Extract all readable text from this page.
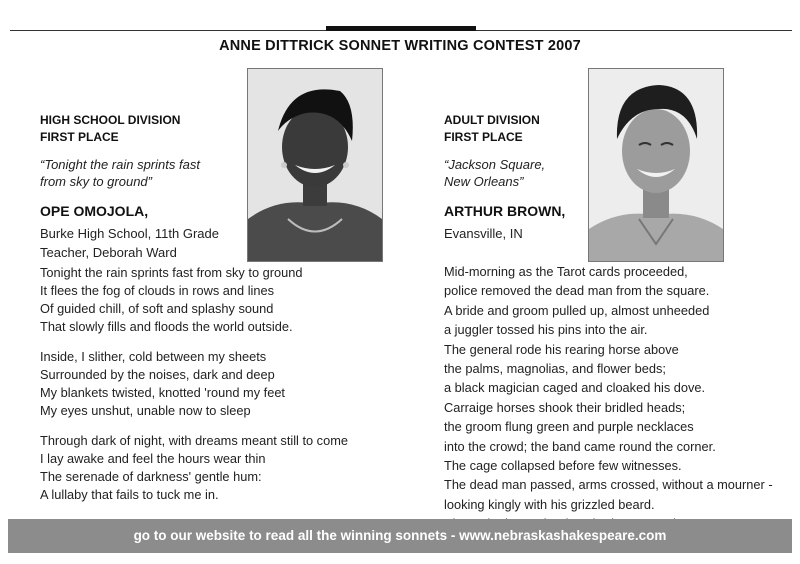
ANNE DITTRICK SONNET WRITING CONTEST 2007
HIGH SCHOOL DIVISION
FIRST PLACE
“Tonight the rain sprints fast
from sky to ground”
OPE OMOJOLA,
Burke High School, 11th Grade
Teacher, Deborah Ward
Tonight the rain sprints fast from sky to ground
It flees the fog of clouds in rows and lines
Of guided chill, of soft and splashy sound
That slowly fills and floods the world outside.
Inside, I slither, cold between my sheets
Surrounded by the noises, dark and deep
My blankets twisted, knotted 'round my feet
My eyes unshut, unable now to sleep
Through dark of night, with dreams meant still to come
I lay awake and feel the hours wear thin
The serenade of darkness' gentle hum:
A lullaby that fails to tuck me in.
ADULT DIVISION
FIRST PLACE
“Jackson Square,
New Orleans”
ARTHUR BROWN,
Evansville, IN
Mid-morning as the Tarot cards proceeded,
police removed the dead man from the square.
A bride and groom pulled up, almost unheeded
a juggler tossed his pins into the air.
The general rode his rearing horse above
the palms, magnolias, and flower beds;
a black magician caged and cloaked his dove.
Carraige horses shook their bridled heads;
the groom flung green and purple necklaces
into the crowd; the band came round the corner.
The cage collapsed before few witnesses.
The dead man passed, arms crossed, without a mourner -
looking kingly with his grizzled beard.
go to our website to read all the winning sonnets - www.nebraskashakespeare.com
